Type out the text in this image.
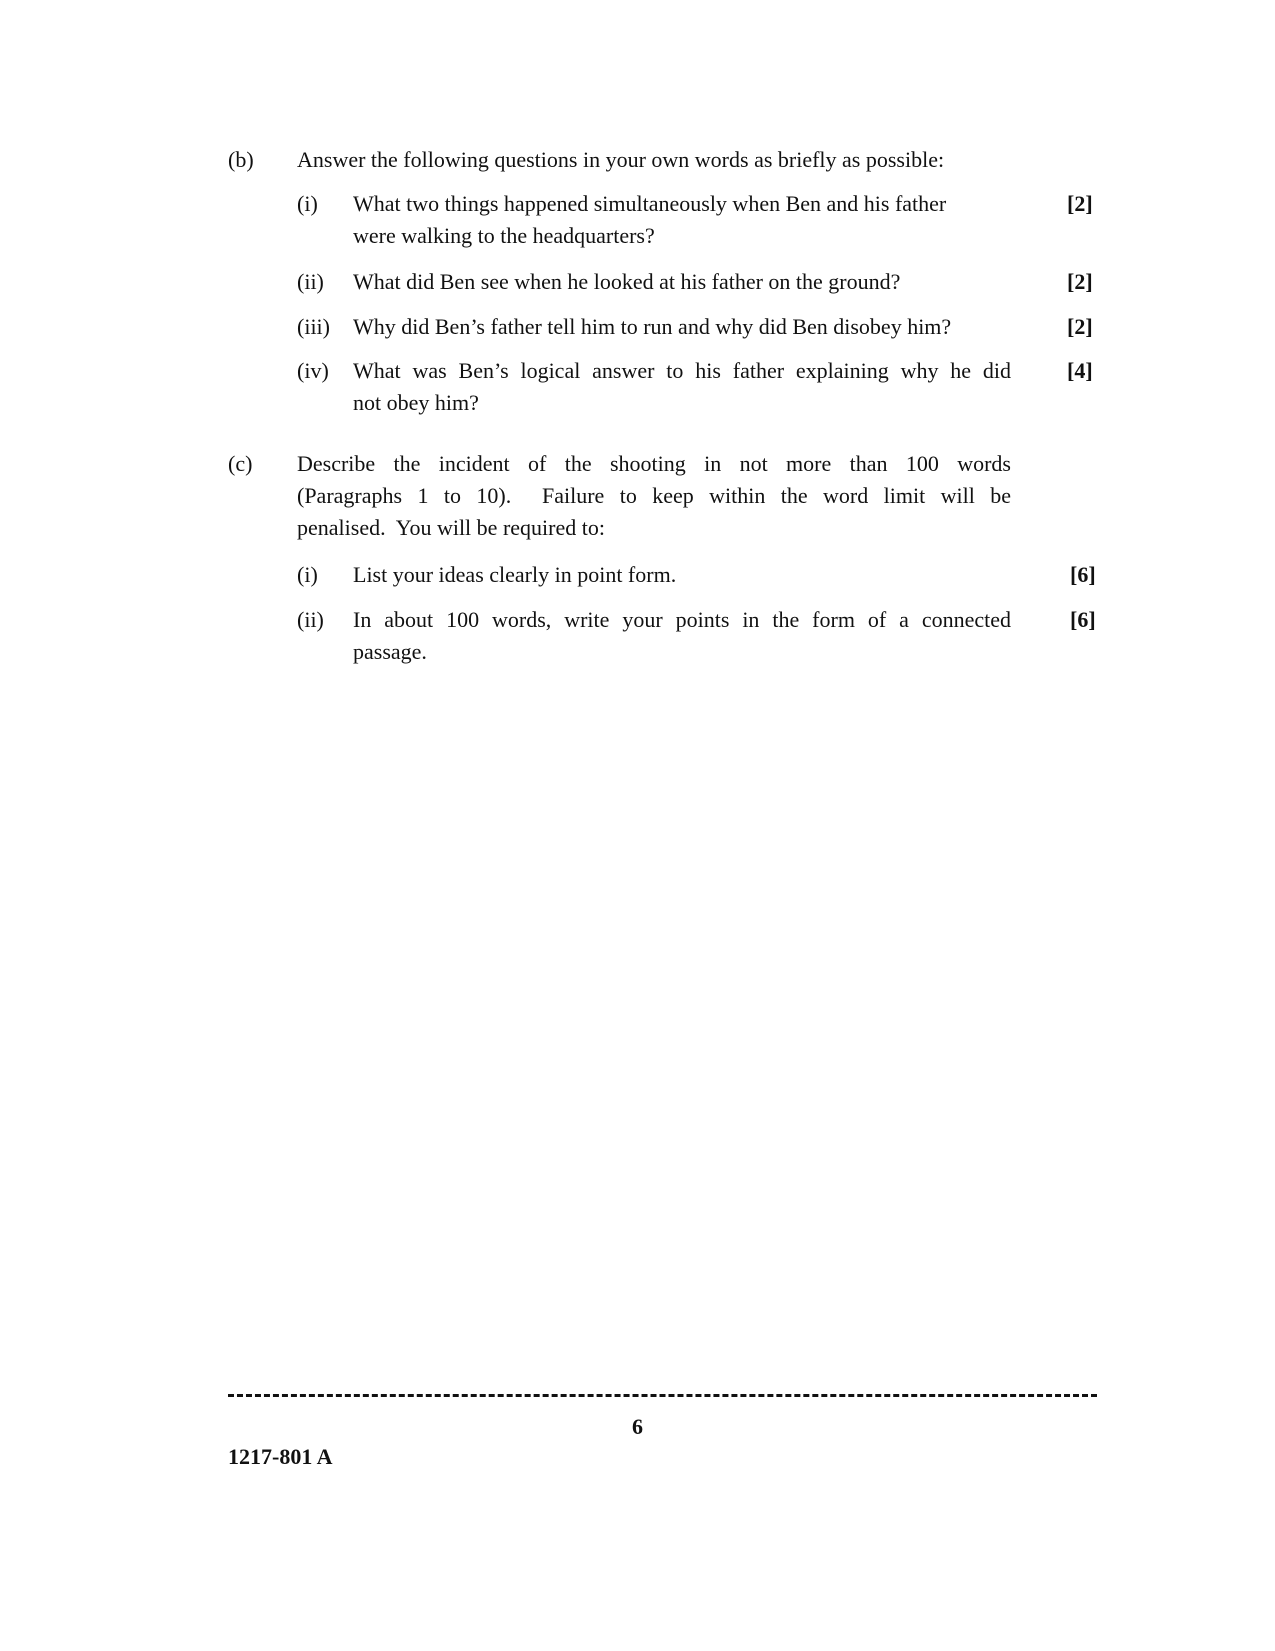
(b) Answer the following questions in your own words as briefly as possible:
(i) What two things happened simultaneously when Ben and his father
were walking to the headquarters?
[2]
(ii) What did Ben see when he looked at his father on the ground?	[2]
(iii) Why did Ben’s father tell him to run and why did Ben disobey him?	[2]
(iv) What was Ben’s logical answer to his father explaining why he did
not obey him?
[4]
(c) Describe the incident of the shooting in not more than 100 words
(Paragraphs 1 to 10).  Failure to keep within the word limit will be
penalised.  You will be required to:
(i) List your ideas clearly in point form.	[6]
(ii) In about 100 words, write your points in the form of a connected
passage.
[6]
6
1217-801 A
